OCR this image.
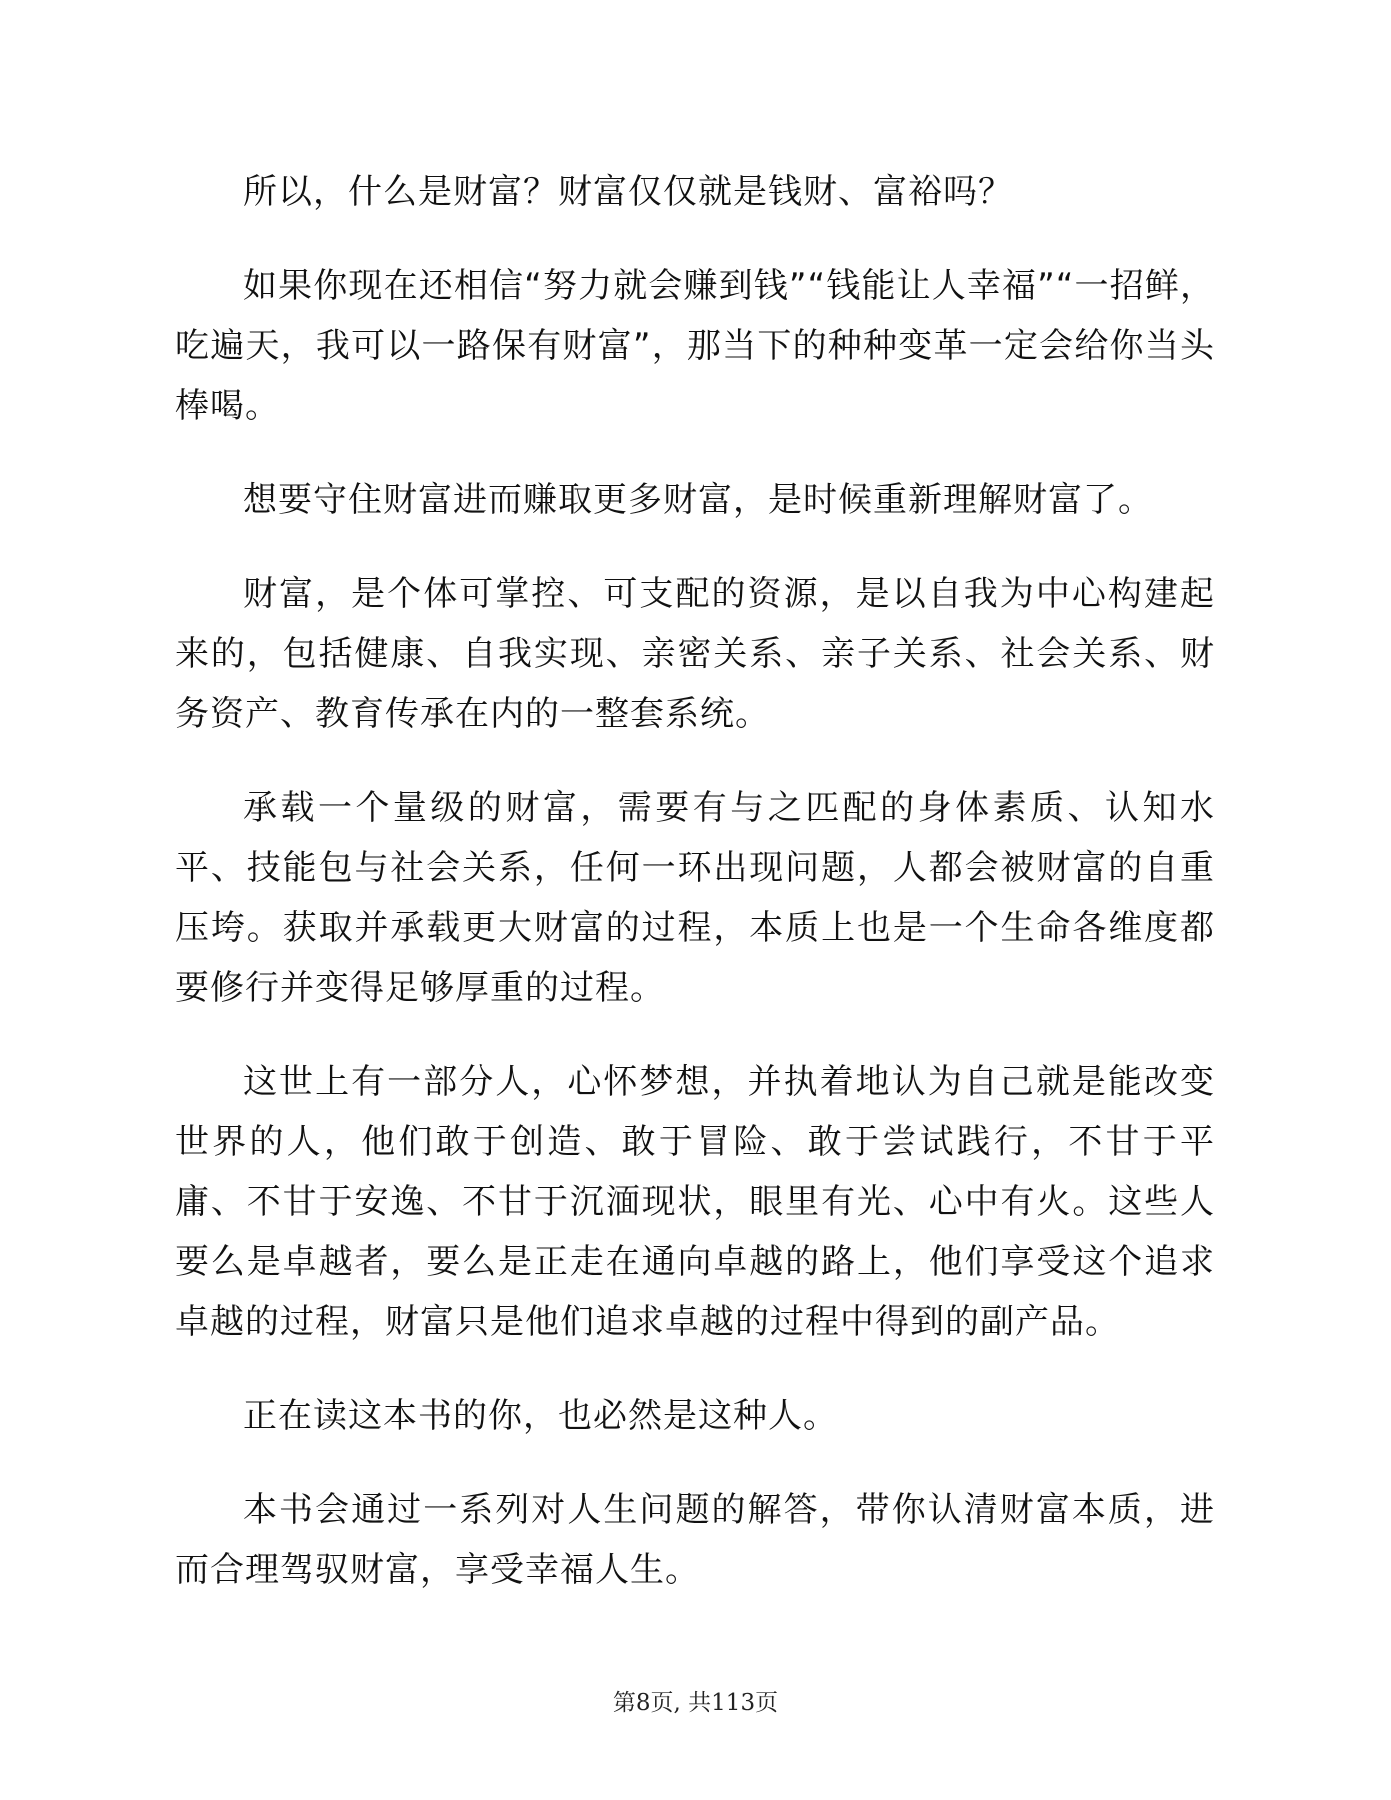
所以，什么是财富？财富仅仅就是钱财、富裕吗？

如果你现在还相信“努力就会赚到钱”“钱能让人幸福”“一招鲜，吃遍天，我可以一路保有财富”，那当下的种种变革一定会给你当头棒喝。

想要守住财富进而赚取更多财富，是时候重新理解财富了。

财富，是个体可掌控、可支配的资源，是以自我为中心构建起来的，包括健康、自我实现、亲密关系、亲子关系、社会关系、财务资产、教育传承在内的一整套系统。

承载一个量级的财富，需要有与之匹配的身体素质、认知水平、技能包与社会关系，任何一环出现问题，人都会被财富的自重压垮。获取并承载更大财富的过程，本质上也是一个生命各维度都要修行并变得足够厚重的过程。

这世上有一部分人，心怀梦想，并执着地认为自己就是能改变世界的人，他们敢于创造、敢于冒险、敢于尝试践行，不甘于平庸、不甘于安逸、不甘于沉湎现状，眼里有光、心中有火。这些人要么是卓越者，要么是正走在通向卓越的路上，他们享受这个追求卓越的过程，财富只是他们追求卓越的过程中得到的副产品。

正在读这本书的你，也必然是这种人。

本书会通过一系列对人生问题的解答，带你认清财富本质，进而合理驾驭财富，享受幸福人生。

第8页, 共113页
